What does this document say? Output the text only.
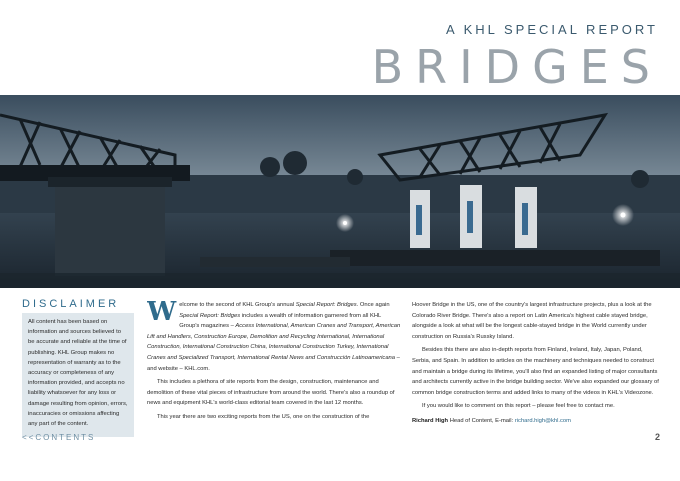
A KHL SPECIAL REPORT
BRIDGES
DISCLAIMER
All content has been based on information and sources believed to be accurate and reliable at the time of publishing. KHL Group makes no representation of warranty as to the accuracy or completeness of any information provided, and accepts no liability whatsoever for any loss or damage resulting from opinion, errors, inaccuracies or omissions affecting any part of the content.

Welcome to the second of KHL Group's annual Special Report: Bridges. Once again Special Report: Bridges includes a wealth of information garnered from all KHL Group's magazines – Access International, American Cranes and Transport, American Lift and Handlers, Construction Europe, Demolition and Recycling International, International Construction, International Construction China, International Construction Turkey, International Cranes and Specialized Transport, International Rental News and Construcción Latinoamericana – and website – KHL.com.

This includes a plethora of site reports from the design, construction, maintenance and demolition of these vital pieces of infrastructure from around the world. There's also a roundup of news and equipment KHL's world-class editorial team covered in the last 12 months.

This year there are two exciting reports from the US, one on the construction of the

Hoover Bridge in the US, one of the country's largest infrastructure projects, plus a look at the Colorado River Bridge. There's also a report on Latin America's highest cable stayed bridge, alongside a look at what will be the longest cable-stayed bridge in the World currently under construction on Russia's Russky Island.

Besides this there are also in-depth reports from Finland, Ireland, Italy, Japan, Poland, Serbia, and Spain. In addition to articles on the machinery and techniques needed to construct and maintain a bridge during its lifetime, you'll also find an expanded listing of major consultants and architects currently active in the bridge building sector. We've also expanded our glossary of common bridge construction terms and added links to many of the videos in KHL's Videozone.

If you would like to comment on this report – please feel free to contact me.

Richard High Head of Content, E-mail: richard.high@khl.com

<<CONTENTS	2
